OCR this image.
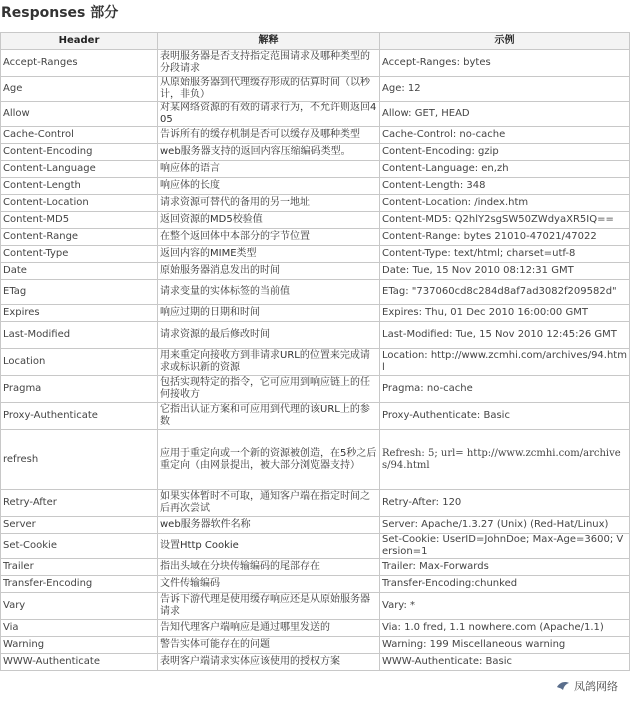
Responses 部分
Header	解释	示例
Accept-Ranges	表明服务器是否支持指定范围请求及哪种类型的分段请求	Accept-Ranges: bytes
Age	从原始服务器到代理缓存形成的估算时间（以秒计，非负）	Age: 12
Allow	对某网络资源的有效的请求行为，不允许则返回405	Allow: GET, HEAD
Cache-Control	告诉所有的缓存机制是否可以缓存及哪种类型	Cache-Control: no-cache
Content-Encoding	web服务器支持的返回内容压缩编码类型。	Content-Encoding: gzip
Content-Language	响应体的语言	Content-Language: en,zh
Content-Length	响应体的长度	Content-Length: 348
Content-Location	请求资源可替代的备用的另一地址	Content-Location: /index.htm
Content-MD5	返回资源的MD5校验值	Content-MD5: Q2hlY2sgSW50ZWdyaXR5IQ==
Content-Range	在整个返回体中本部分的字节位置	Content-Range: bytes 21010-47021/47022
Content-Type	返回内容的MIME类型	Content-Type: text/html; charset=utf-8
Date	原始服务器消息发出的时间	Date: Tue, 15 Nov 2010 08:12:31 GMT
ETag	请求变量的实体标签的当前值	ETag: "737060cd8c284d8af7ad3082f209582d"
Expires	响应过期的日期和时间	Expires: Thu, 01 Dec 2010 16:00:00 GMT
Last-Modified	请求资源的最后修改时间	Last-Modified: Tue, 15 Nov 2010 12:45:26 GMT
Location	用来重定向接收方到非请求URL的位置来完成请求或标识新的资源	Location: http://www.zcmhi.com/archives/94.html
Pragma	包括实现特定的指令，它可应用到响应链上的任何接收方	Pragma: no-cache
Proxy-Authenticate	它指出认证方案和可应用到代理的该URL上的参数	Proxy-Authenticate: Basic
refresh	应用于重定向或一个新的资源被创造，在5秒之后重定向（由网景提出，被大部分浏览器支持）	Refresh: 5; url= http://www.zcmhi.com/archives/94.html
Retry-After	如果实体暂时不可取，通知客户端在指定时间之后再次尝试	Retry-After: 120
Server	web服务器软件名称	Server: Apache/1.3.27 (Unix) (Red-Hat/Linux)
Set-Cookie	设置Http Cookie	Set-Cookie: UserID=JohnDoe; Max-Age=3600; Version=1
Trailer	指出头域在分块传输编码的尾部存在	Trailer: Max-Forwards
Transfer-Encoding	文件传输编码	Transfer-Encoding:chunked
Vary	告诉下游代理是使用缓存响应还是从原始服务器请求	Vary: *
Via	告知代理客户端响应是通过哪里发送的	Via: 1.0 fred, 1.1 nowhere.com (Apache/1.1)
Warning	警告实体可能存在的问题	Warning: 199 Miscellaneous warning
WWW-Authenticate	表明客户端请求实体应该使用的授权方案	WWW-Authenticate: Basic
凤鸽网络
